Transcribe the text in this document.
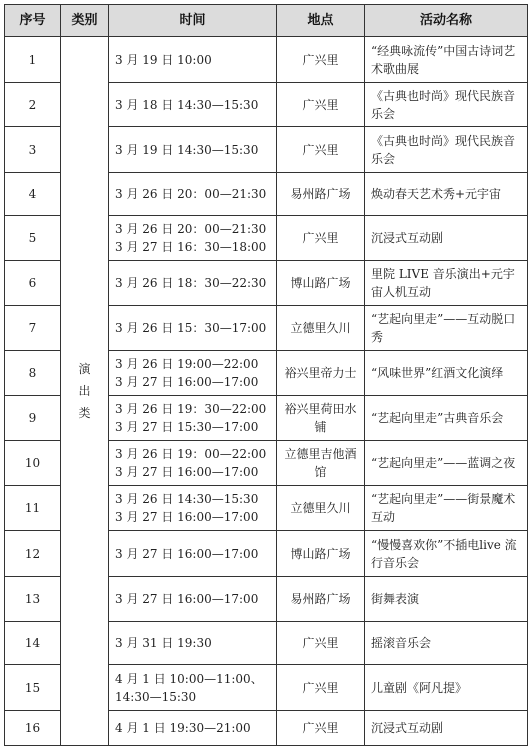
序号	类别	时间	地点	活动名称
1	演出类	3 月 19 日 10:00	广兴里	“经典咏流传”中国古诗词艺术歌曲展

2		3 月 18 日 14:30—15:30	广兴里	《古典也时尚》现代民族音乐会

3		3 月 19 日 14:30—15:30	广兴里	《古典也时尚》现代民族音乐会

4		3 月 26 日 20：00—21:30	易州路广场	焕动春天艺术秀+元宇宙

5		3 月 26 日 20：00—21:30
3 月 27 日 16：30—18:00	广兴里	沉浸式互动剧

6		3 月 26 日 18：30—22:30	博山路广场	里院 LIVE 音乐演出+元宇宙人机互动

7		3 月 26 日 15：30—17:00	立德里久川	“艺起向里走”——互动脱口秀

8		3 月 26 日 19:00—22:00
3 月 27 日 16:00—17:00	裕兴里帝力士	“风味世界”红酒文化演绎

9		3 月 26 日 19：30—22:00
3 月 27 日 15:30—17:00	裕兴里荷田水铺	“艺起向里走”古典音乐会

10		3 月 26 日 19：00—22:00
3 月 27 日 16:00—17:00	立德里吉他酒馆	“艺起向里走”——蓝调之夜

11		3 月 26 日 14:30—15:30
3 月 27 日 16:00—17:00	立德里久川	“艺起向里走”——街景魔术互动

12		3 月 27 日 16:00—17:00	博山路广场	“慢慢喜欢你”不插电live 流行音乐会

13		3 月 27 日 16:00—17:00	易州路广场	街舞表演

14		3 月 31 日 19:30	广兴里	摇滚音乐会

15		4 月 1 日 10:00—11:00、
14:30—15:30	广兴里	儿童剧《阿凡提》

16		4 月 1 日 19:30—21:00	广兴里	沉浸式互动剧
